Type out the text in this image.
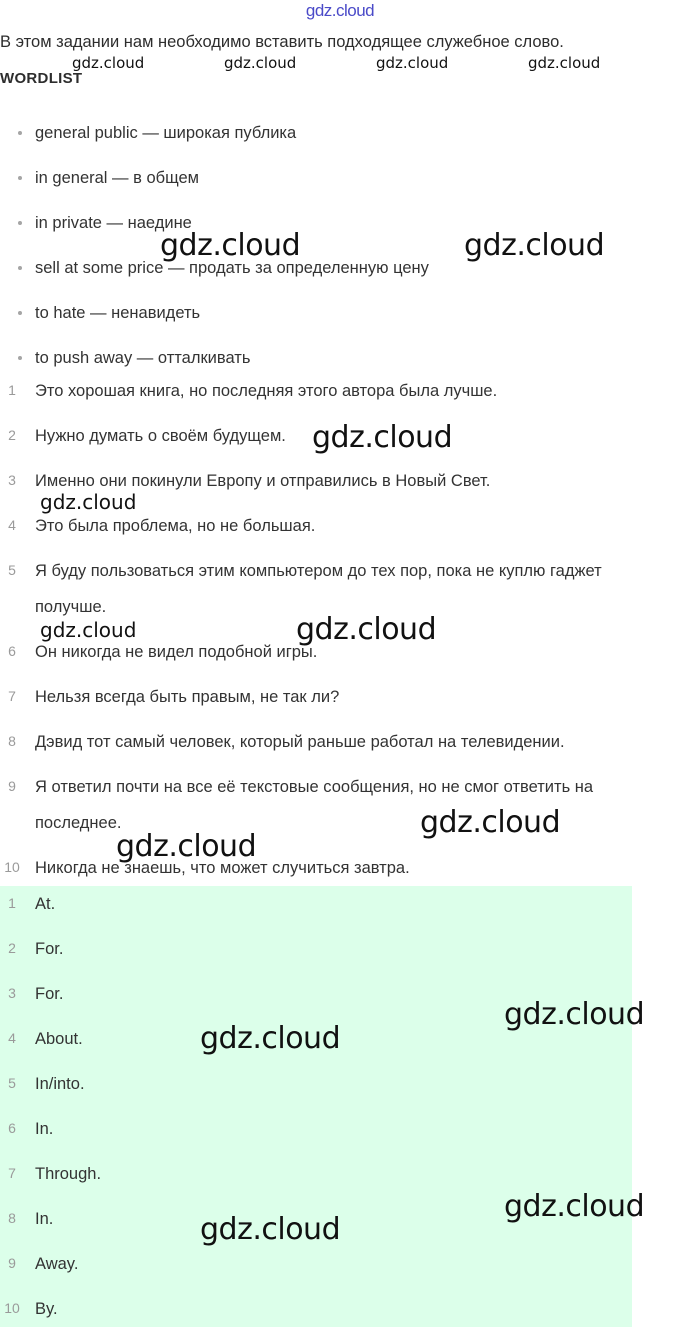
gdz.cloud
В этом задании нам необходимо вставить подходящее служебное слово.
WORDLIST
general public — широкая публика
in general — в общем
in private — наедине
sell at some price — продать за определенную цену
to hate — ненавидеть
to push away — отталкивать
1	Это хорошая книга, но последняя этого автора была лучше.
2	Нужно думать о своём будущем.
3	Именно они покинули Европу и отправились в Новый Свет.
4	Это была проблема, но не большая.
5	Я буду пользоваться этим компьютером до тех пор, пока не куплю гаджет получше.
6	Он никогда не видел подобной игры.
7	Нельзя всегда быть правым, не так ли?
8	Дэвид тот самый человек, который раньше работал на телевидении.
9	Я ответил почти на все её текстовые сообщения, но не смог ответить на последнее.
10 Никогда не знаешь, что может случиться завтра.
1	At.
2	For.
3	For.
4	About.
5	In/into.
6	In.
7	Through.
8	In.
9	Away.
10 By.
gdz.cloud	gdz.cloud	gdz.cloud	gdz.cloud
gdz.cloud	gdz.cloud
gdz.cloud
gdz.cloud
gdz.cloud	gdz.cloud
gdz.cloud
gdz.cloud
gdz.cloud
gdz.cloud
gdz.cloud
gdz.cloud
